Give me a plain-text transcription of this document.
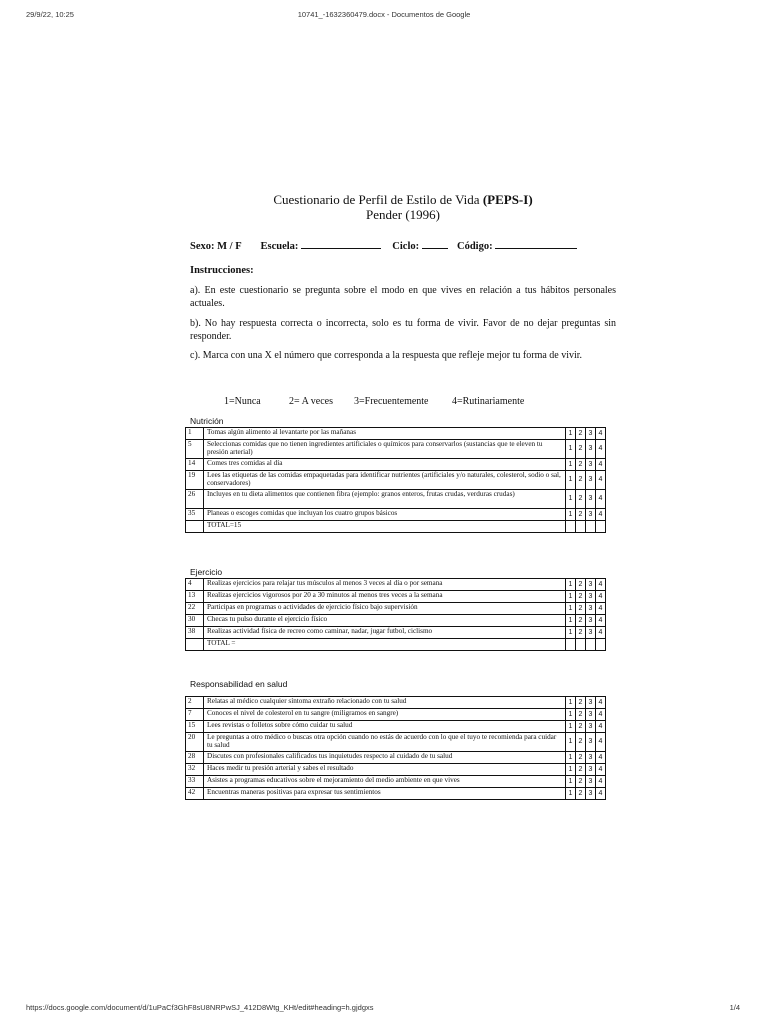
29/9/22, 10:25	10741_-1632360479.docx - Documentos de Google
Cuestionario de Perfil de Estilo de Vida (PEPS-I)
Pender (1996)
Sexo: M / F Escuela:	Ciclo:	Código:
Instrucciones:
a). En este cuestionario se pregunta sobre el modo en que vives en relación a tus hábitos personales actuales.
b). No hay respuesta correcta o incorrecta, solo es tu forma de vivir. Favor de no dejar preguntas sin responder.
c). Marca con una X el número que corresponda a la respuesta que refleje mejor tu forma de vivir.
1=Nunca	2= A veces 3=Frecuentemente 4=Rutinariamente
Nutrición
1	Tomas algún alimento al levantarte por las mañanas	1	2	3	4
5	Seleccionas comidas que no tienen ingredientes artificiales o químicos para conservarlos (sustancias que te eleven tu presión arterial)	1	2	3	4
14	Comes tres comidas al día	1	2	3	4
19	Lees las etiquetas de las comidas empaquetadas para identificar nutrientes (artificiales y/o naturales, colesterol, sodio o sal, conservadores)	1	2	3	4
26	Incluyes en tu dieta alimentos que contienen fibra (ejemplo: granos enteros, frutas crudas, verduras crudas)	1	2	3	4
35	Planeas o escoges comidas que incluyan los cuatro grupos básicos	1	2	3	4
	TOTAL=15				
Ejercicio
4	Realizas ejercicios para relajar tus músculos al menos 3 veces al día o por semana	1	2	3	4
13	Realizas ejercicios vigorosos por 20 a 30 minutos al menos tres veces a la semana	1	2	3	4
22	Participas en programas o actividades de ejercicio físico bajo supervisión	1	2	3	4
30	Checas tu pulso durante el ejercicio físico	1	2	3	4
38	Realizas actividad física de recreo como caminar, nadar, jugar futbol, ciclismo	1	2	3	4
	TOTAL =				
Responsabilidad en salud
2	Relatas al médico cualquier síntoma extraño relacionado con tu salud	1	2	3	4
7	Conoces el nivel de colesterol en tu sangre (miligramos en sangre)	1	2	3	4
15	Lees revistas o folletos sobre cómo cuidar tu salud	1	2	3	4
20	Le preguntas a otro médico o buscas otra opción cuando no estás de acuerdo con lo que el tuyo te recomienda para cuidar tu salud	1	2	3	4
28	Discutes con profesionales calificados tus inquietudes respecto al cuidado de tu salud	1	2	3	4
32	Haces medir tu presión arterial y sabes el resultado	1	2	3	4
33	Asistes a programas educativos sobre el mejoramiento del medio ambiente en que vives	1	2	3	4
42	Encuentras maneras positivas para expresar tus sentimientos	1	2	3	4
https://docs.google.com/document/d/1uPaCf3GhF8sU8NRPwSJ_412D8Wtg_KHt/edit#heading=h.gjdgxs	1/4
